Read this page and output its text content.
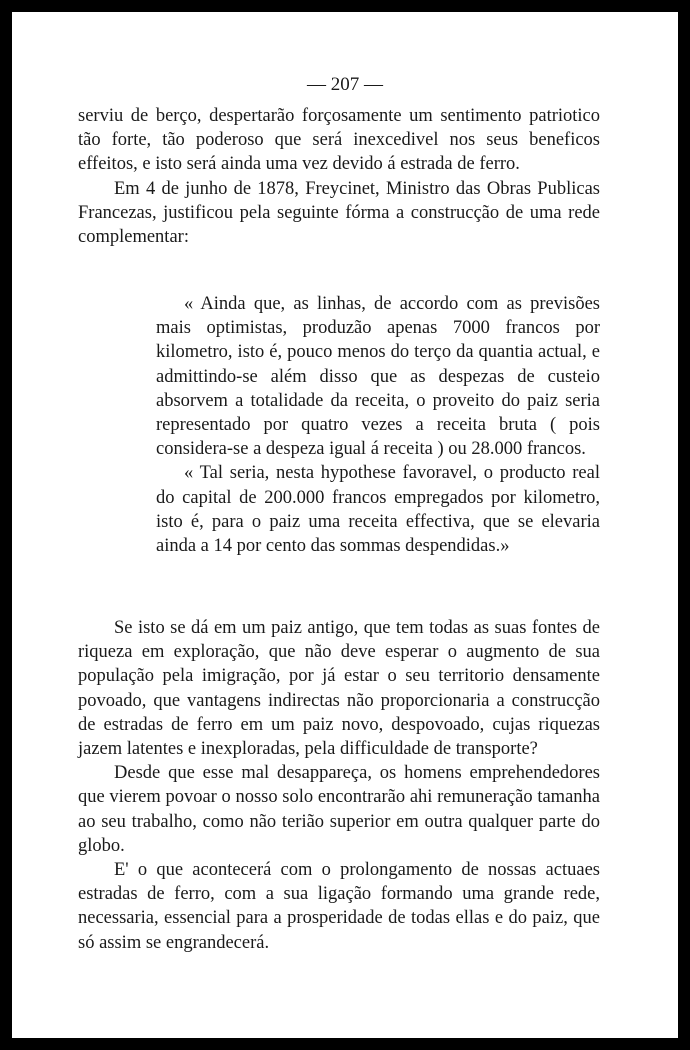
— 207 —

serviu de berço, despertarão forçosamente um sentimento patriotico tão forte, tão poderoso que será inexcedivel nos seus beneficos effeitos, e isto será ainda uma vez devido á estrada de ferro.

Em 4 de junho de 1878, Freycinet, Ministro das Obras Publicas Francezas, justificou pela seguinte fórma a construcção de uma rede complementar:

« Ainda que, as linhas, de accordo com as previsões mais optimistas, produzão apenas 7000 francos por kilometro, isto é, pouco menos do terço da quantia actual, e admittindo-se além disso que as despezas de custeio absorvem a totalidade da receita, o proveito do paiz seria representado por quatro vezes a receita bruta ( pois considera-se a despeza igual á receita ) ou 28.000 francos.

« Tal seria, nesta hypothese favoravel, o producto real do capital de 200.000 francos empregados por kilometro, isto é, para o paiz uma receita effectiva, que se elevaria ainda a 14 por cento das sommas despendidas.»

Se isto se dá em um paiz antigo, que tem todas as suas fontes de riqueza em exploração, que não deve esperar o augmento de sua população pela imigração, por já estar o seu territorio densamente povoado, que vantagens indirectas não proporcionaria a construcção de estradas de ferro em um paiz novo, despovoado, cujas riquezas jazem latentes e inexploradas, pela difficuldade de transporte?

Desde que esse mal desappareça, os homens emprehendedores que vierem povoar o nosso solo encontrarão ahi remuneração tamanha ao seu trabalho, como não terião superior em outra qualquer parte do globo.

E' o que acontecerá com o prolongamento de nossas actuaes estradas de ferro, com a sua ligação formando uma grande rede, necessaria, essencial para a prosperidade de todas ellas e do paiz, que só assim se engrandecerá.
